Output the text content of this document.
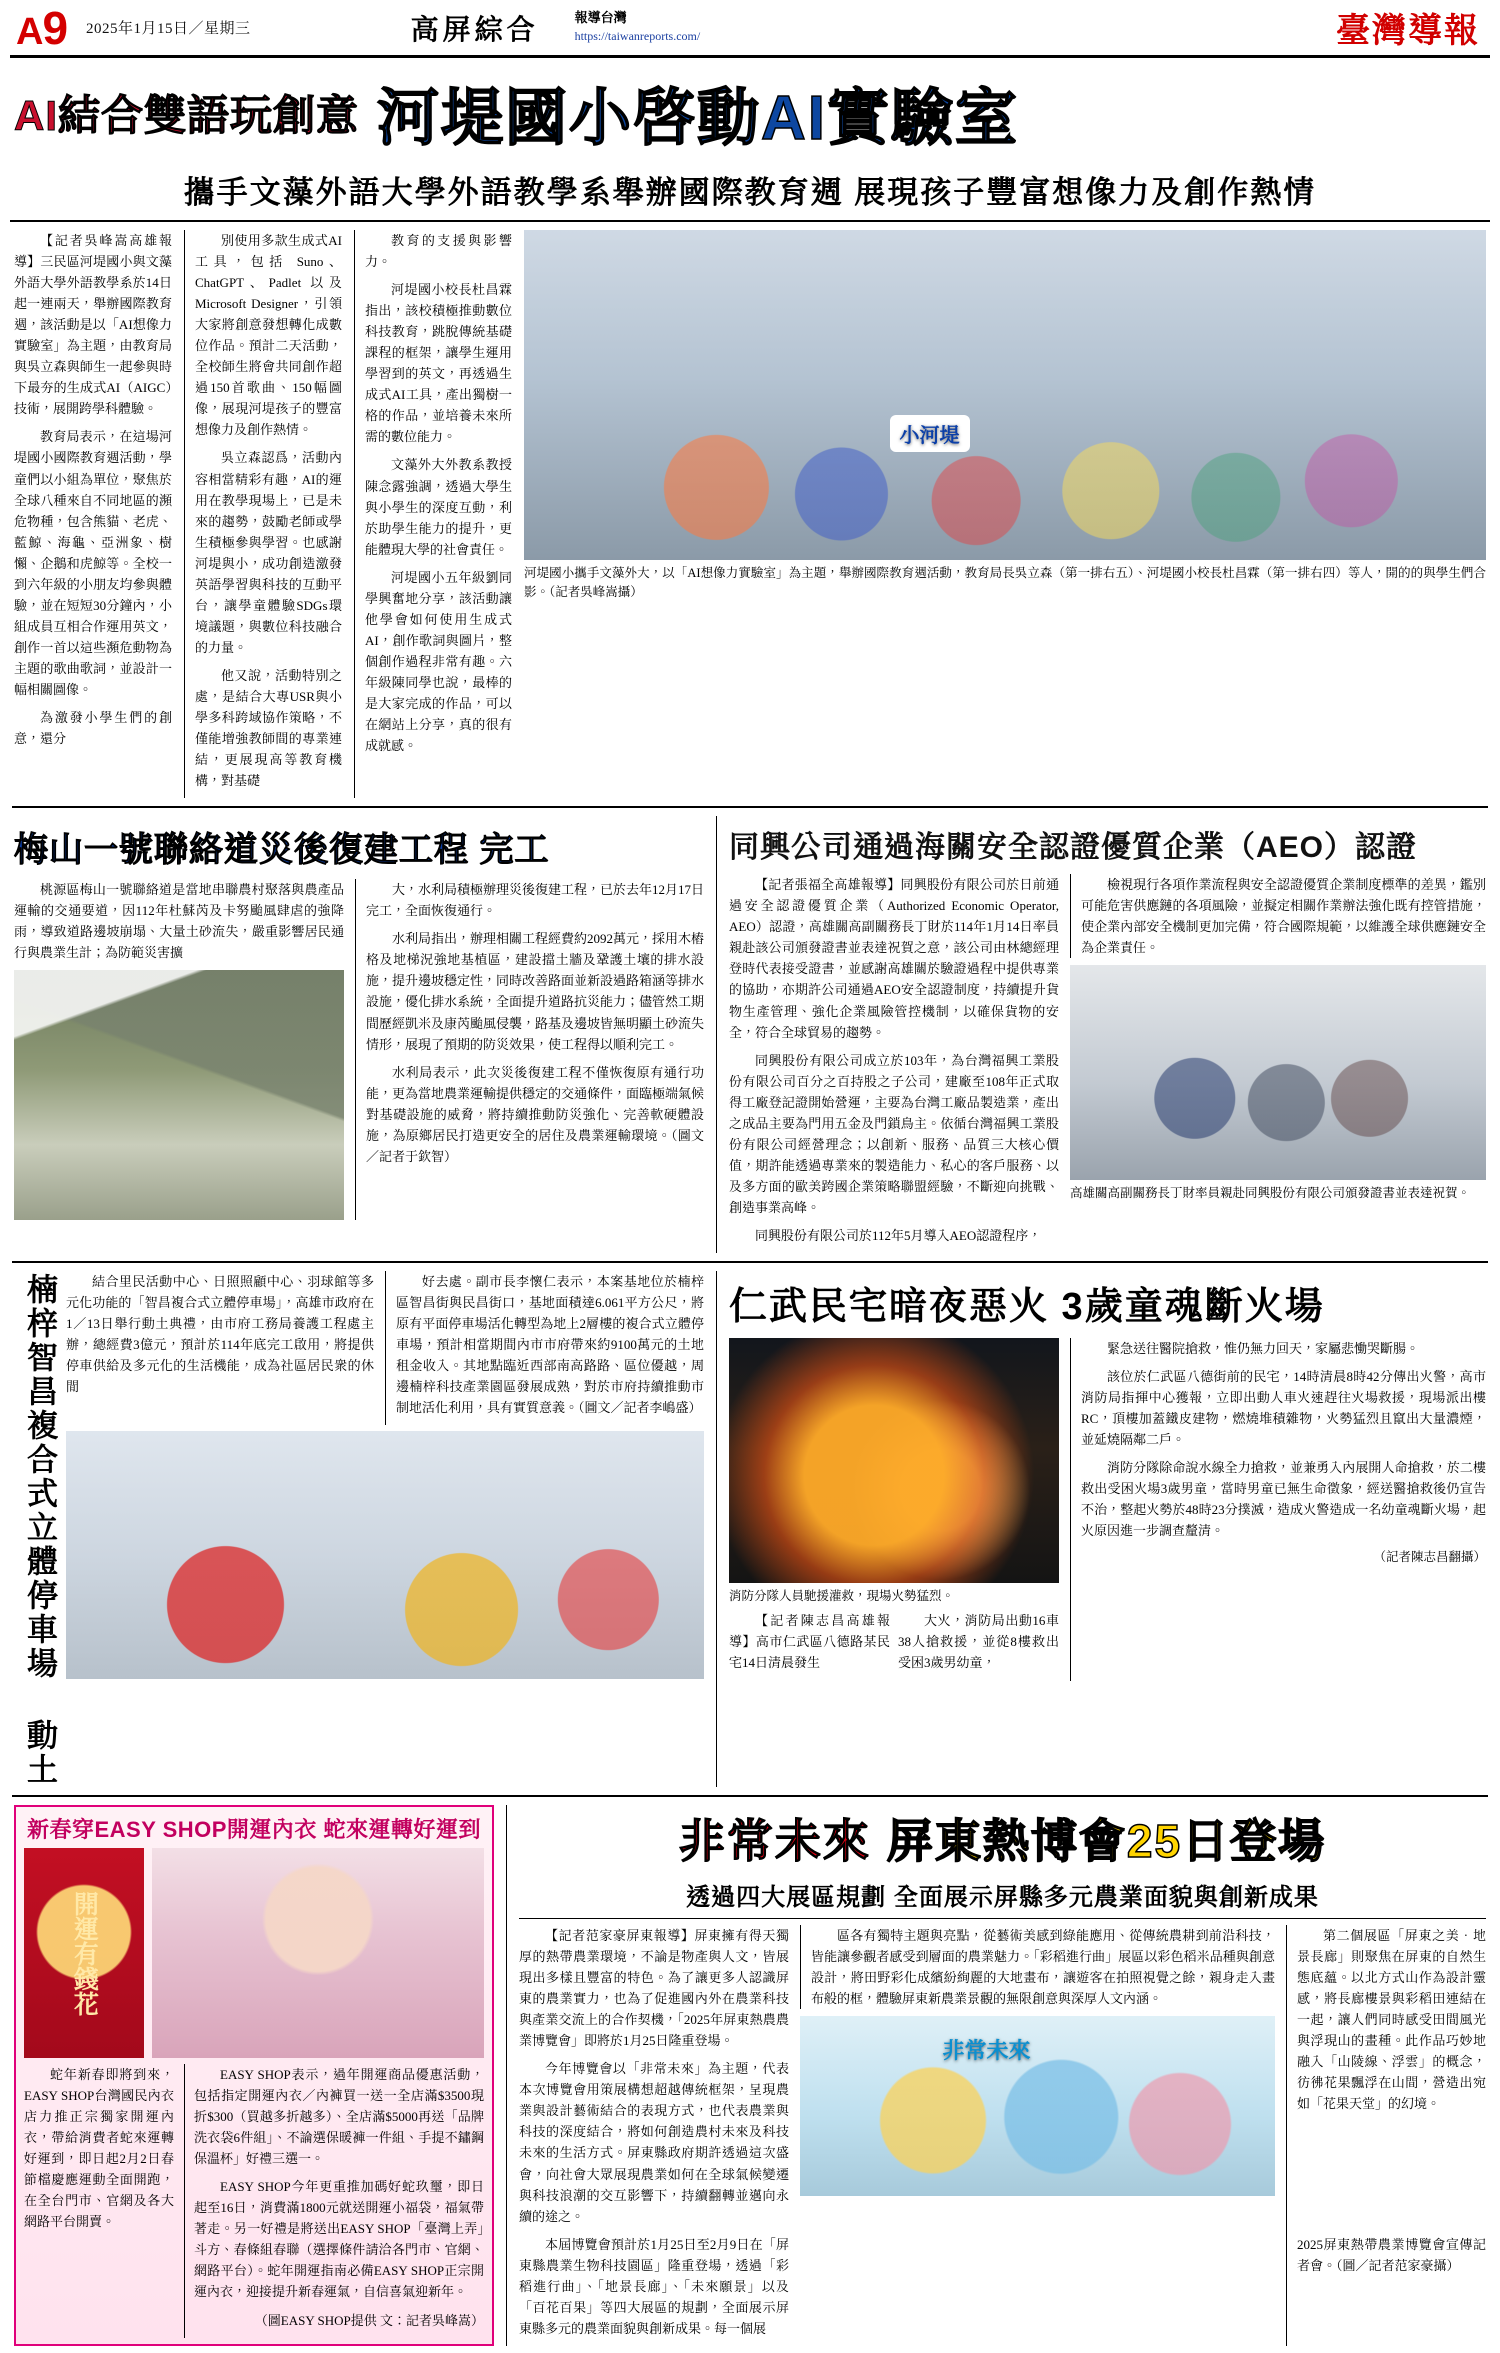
A 9 2025年1月15日／星期三	高屏綜合	報導台灣
https://taiwanreports.com/	臺灣導報
AI結合雙語玩創意 河堤國小啓動AI實驗室
攜手文藻外語大學外語教學系舉辦國際教育週 展現孩子豐富想像力及創作熱情

【記者吳峰嵩高雄報導】三民區河堤國小與文藻外語大學外語教學系於14日起一連兩天，舉辦國際教育週，該活動是以「AI想像力實驗室」為主題，由教育局與吳立森與師生一起參與時下最夯的生成式AI（AIGC）技術，展開跨學科體驗。

教育局表示，在這場河堤國小國際教育週活動，學童們以小組為單位，聚焦於全球八種來自不同地區的瀕危物種，包含熊貓、老虎、藍鯨、海龜、亞洲象、樹懶、企鵝和虎鯨等。全校一到六年級的小朋友均參與體驗，並在短短30分鐘內，小組成員互相合作運用英文，創作一首以這些瀕危動物為主題的歌曲歌詞，並設計一幅相關圖像。

為激發小學生們的創意，還分

別使用多款生成式AI工具，包括 Suno、ChatGPT、Padlet 以及 Microsoft Designer，引領大家將創意發想轉化成數位作品。預計二天活動，全校師生將會共同創作超過150首歌曲、150幅圖像，展現河堤孩子的豐富想像力及創作熱情。

吳立森認爲，活動內容相當精彩有趣，AI的運用在教學現場上，已是未來的趨勢，鼓勵老師或學生積極參與學習。也感謝河堤與小，成功創造激發英語學習與科技的互動平台，讓學童體驗SDGs環境議題，與數位科技融合的力量。

他又說，活動特別之處，是結合大專USR與小學多科跨域協作策略，不僅能增強教師間的專業連結，更展現高等教育機構，對基礎

教育的支援與影響力。

河堤國小校長杜昌霖指出，該校積極推動數位科技教育，跳脫傳統基礎課程的框架，讓學生運用學習到的英文，再透過生成式AI工具，產出獨樹一格的作品，並培養未來所需的數位能力。

文藻外大外教系教授陳念露強調，透過大學生與小學生的深度互動，利於助學生能力的提升，更能體現大學的社會責任。

河堤國小五年級劉同學興奮地分享，該活動讓他學會如何使用生成式AI，創作歌詞與圖片，整個創作過程非常有趣。六年級陳同學也說，最棒的是大家完成的作品，可以在網站上分享，真的很有成就感。

小河堤
河堤國小攜手文藻外大，以「AI想像力實驗室」為主題，舉辦國際教育週活動，教育局長吳立森（第一排右五）、河堤國小校長杜昌霖（第一排右四）等人，開的的與學生們合影。（記者吳峰嵩攝）
梅山一號聯絡道災後復建工程 完工

桃源區梅山一號聯絡道是當地串聯農村聚落與農產品運輸的交通要道，因112年杜蘇芮及卡努颱風肆虐的強降雨，導致道路邊坡崩塌、大量土砂流失，嚴重影響居民通行與農業生計；為防範災害擴

大，水利局積極辦理災後復建工程，已於去年12月17日完工，全面恢復通行。

水利局指出，辦理相關工程經費約2092萬元，採用木樁格及地梯況強地基植區，建設擋土牆及鞏護土壤的排水設施，提升邊坡穩定性，同時改善路面並新設過路箱涵等排水設施，優化排水系統，全面提升道路抗災能力；儘管然工期間歷經凱米及康芮颱風侵襲，路基及邊坡皆無明顯土砂流失情形，展現了預期的防災效果，使工程得以順利完工。

水利局表示，此次災後復建工程不僅恢復原有通行功能，更為當地農業運輸提供穩定的交通條件，面臨極端氣候對基礎設施的威脅，將持續推動防災強化、完善軟硬體設施，為原鄉居民打造更安全的居住及農業運輸環境。（圖文／記者于欽智）

同興公司通過海關安全認證優質企業（AEO）認證

【記者張福全高雄報導】同興股份有限公司於日前通過安全認證優質企業（Authorized Economic Operator, AEO）認證，高雄關高副關務長丁財於114年1月14日率員親赴該公司頒發證書並表達祝賀之意，該公司由林總經理登時代表接受證書，並感謝高雄關於驗證過程中提供專業的協助，亦期許公司通過AEO安全認證制度，持續提升貨物生產管理、強化企業風險管控機制，以確保貨物的安全，符合全球貿易的趨勢。

同興股份有限公司成立於103年，為台灣福興工業股份有限公司百分之百持股之子公司，建廠至108年正式取得工廠登記證開始營運，主要為台灣工廠品製造業，產出之成品主要為門用五金及門鎖鳥主。依循台灣福興工業股份有限公司經營理念；以創新、服務、品質三大核心價值，期許能透過專業來的製造能力、私心的客戶服務、以及多方面的歐美跨國企業策略聯盟經驗，不斷迎向挑戰、創造事業高峰。

同興股份有限公司於112年5月導入AEO認證程序，

檢視現行各項作業流程與安全認證優質企業制度標準的差異，鑑別可能危害供應鏈的各項風險，並擬定相關作業辦法強化既有控管措施，使企業內部安全機制更加完備，符合國際規範，以維護全球供應鏈安全為企業責任。

高雄關高副關務長丁財率員親赴同興股份有限公司頒發證書並表達祝賀。
楠梓智昌複合式立體停車場 動土	結合里民活動中心、日照照顧中心、羽球館等多元化功能的「智昌複合式立體停車場」，高雄市政府在1／13日舉行動土典禮，由市府工務局養護工程處主辦，總經費3億元，預計於114年底完工啟用，將提供停車供給及多元化的生活機能，成為社區居民衆的休閒

好去處。副市長李懷仁表示，本案基地位於楠梓區智昌街與民昌街口，基地面積達6.061平方公尺，將原有平面停車場活化轉型為地上2層樓的複合式立體停車場，預計相當期間內市市府帶來約9100萬元的土地租金收入。其地點臨近西部南高路路、區位優越，周邊楠梓科技產業園區發展成熟，對於市府持續推動市制地活化利用，具有實質意義。（圖文／記者李嶋盛）

仁武民宅暗夜惡火 3歲童魂斷火場
消防分隊人員馳援灌救，現場火勢猛烈。

【記者陳志昌高雄報導】高市仁武區八德路某民宅14日清晨發生

大火，消防局出動16車38人搶救援，並從8樓救出受困3歲男幼童，

緊急送往醫院搶救，惟仍無力回天，家屬悲慟哭斷腸。

該位於仁武區八德街前的民宅，14時清晨8時42分傳出火警，高市消防局指揮中心獲報，立即出動人車火速趕往火場救援，現場派出樓RC，頂樓加蓋鐵皮建物，燃燒堆積雜物，火勢猛烈且竄出大量濃煙，並延燒隔鄰二戶。

消防分隊除命說水線全力搶救，並兼勇入內展開人命搶救，於二樓救出受困火場3歲男童，當時男童已無生命徵象，經送醫搶救後仍宣告不治，整起火勢於48時23分撲滅，造成火警造成一名幼童魂斷火場，起火原因進一步調查釐清。

（記者陳志昌翻攝）
新春穿EASY SHOP開運內衣 蛇來運轉好運到
開運有錢花

蛇年新春即將到來，EASY SHOP台灣國民內衣店力推正宗獨家開運內衣，帶給消費者蛇來運轉好運到，即日起2月2日春節檔慶應運動全面開跑，在全台門市、官網及各大網路平台開賣。

EASY SHOP表示，過年開運商品優惠活動，包括指定開運內衣／內褲買一送一全店滿$3500現折$300（買越多折越多）、全店滿$5000再送「品牌洗衣袋6件組」、不論選保暖褲一件組、手提不鏽鋼保溫杯」好禮三選一。

EASY SHOP今年更重推加碼好蛇玖璽，即日起至16日，消費滿1800元就送開運小福袋，福氣帶著走。另一好禮是將送出EASY SHOP「臺灣上弄」斗方、春條組春聯（選擇條件請洽各門市、官網、網路平台）。蛇年開運指南必備EASY SHOP正宗開運內衣，迎接提升新春運氣，自信喜氣迎新年。

（圖EASY SHOP提供 文：記者吳峰嵩）

非常未來 屏東熱博會25日登場
透過四大展區規劃 全面展示屏縣多元農業面貌與創新成果

【記者范家豪屏東報導】屏東擁有得天獨厚的熱帶農業環境，不論是物產與人文，皆展現出多樣且豐富的特色。為了讓更多人認識屏東的農業實力，也為了促進國內外在農業科技與產業交流上的合作契機，「2025年屏東熱農農業博覽會」即將於1月25日隆重登場。

今年博覽會以「非常未來」為主題，代表本次博覽會用策展構想超越傳統框架，呈現農業與設計藝術結合的表現方式，也代表農業與科技的深度結合，將如何創造農村未來及科技未來的生活方式。屏東縣政府期許透過這次盛會，向社會大眾展現農業如何在全球氣候變遷與科技浪潮的交互影響下，持續翻轉並邁向永續的途之。

本屆博覽會預計於1月25日至2月9日在「屏東縣農業生物科技園區」隆重登場，透過「彩稻進行曲」、「地景長廊」、「未來願景」以及「百花百果」等四大展區的規劃，全面展示屏東縣多元的農業面貌與創新成果。每一個展

區各有獨特主題與亮點，從藝術美感到綠能應用、從傳統農耕到前沿科技，皆能讓參觀者感受到層面的農業魅力。「彩稻進行曲」展區以彩色稻米品種與創意設計，將田野彩化成繽紛絢麗的大地畫布，讓遊客在拍照視覺之餘，親身走入畫布般的框，體驗屏東新農業景觀的無限創意與深厚人文內涵。

非常未來

第二個展區「屏東之美．地景長廊」則聚焦在屏東的自然生態底蘊。以北方式山作為設計靈感，將長廊樓景與彩稻田連結在一起，讓人們同時感受田間風光與浮現山的畫種。此作品巧妙地融入「山陵線、浮雲」的概念，彷彿花果飄浮在山間，營造出宛如「花果天堂」的幻境。

2025屏東熱帶農業博覽會宣傳記者會。（圖／記者范家豪攝）
